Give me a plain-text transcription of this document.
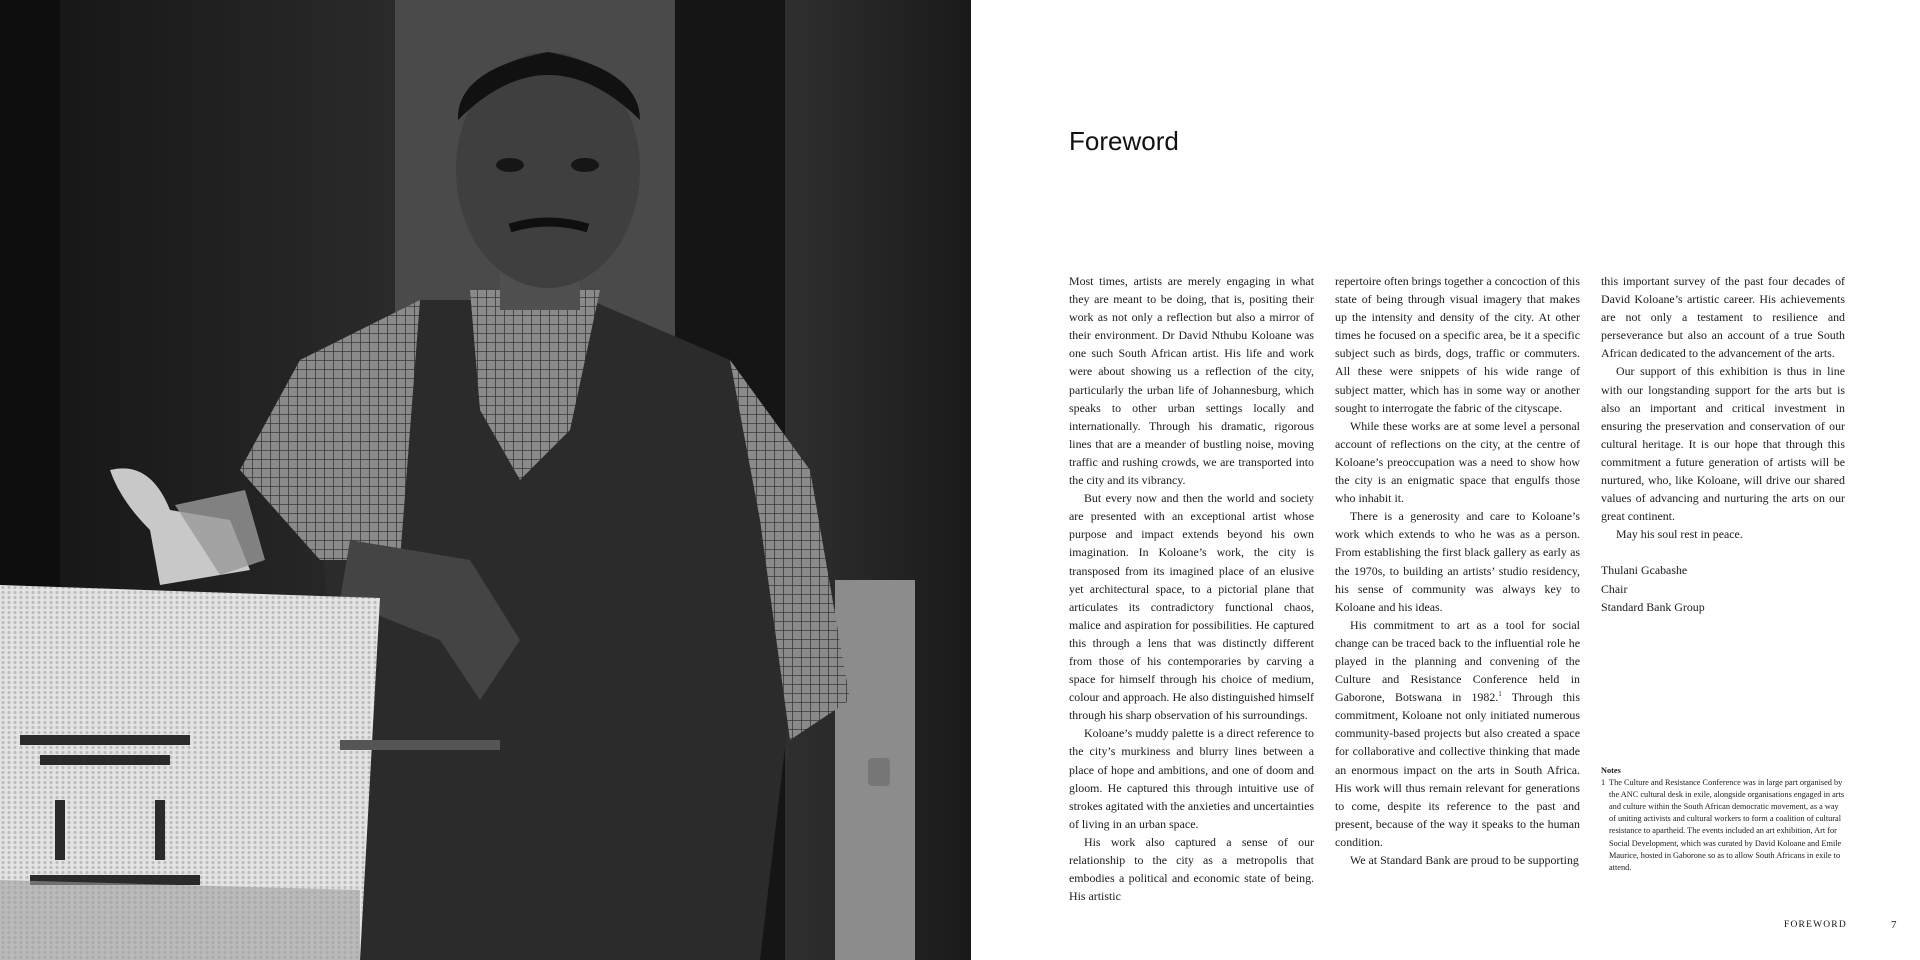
Foreword

Most times, artists are merely engaging in what they are meant to be doing, that is, positing their work as not only a reflection but also a mirror of their environment. Dr David Nthubu Koloane was one such South African artist. His life and work were about showing us a reflection of the city, particularly the urban life of Johannesburg, which speaks to other urban settings locally and internationally. Through his dramatic, rigorous lines that are a meander of bustling noise, moving traffic and rushing crowds, we are transported into the city and its vibrancy.

But every now and then the world and society are presented with an exceptional artist whose purpose and impact extends beyond his own imagination. In Koloane’s work, the city is transposed from its imagined place of an elusive yet architectural space, to a pictorial plane that articulates its contradictory functional chaos, malice and aspiration for possibilities. He captured this through a lens that was distinctly different from those of his contemporaries by carving a space for himself through his choice of medium, colour and approach. He also distinguished himself through his sharp observation of his surroundings.

Koloane’s muddy palette is a direct reference to the city’s murkiness and blurry lines between a place of hope and ambitions, and one of doom and gloom. He captured this through intuitive use of strokes agitated with the anxieties and uncertainties of living in an urban space.

His work also captured a sense of our relationship to the city as a metropolis that embodies a political and economic state of being. His artistic

repertoire often brings together a concoction of this state of being through visual imagery that makes up the intensity and density of the city. At other times he focused on a specific area, be it a specific subject such as birds, dogs, traffic or commuters. All these were snippets of his wide range of subject matter, which has in some way or another sought to interrogate the fabric of the cityscape.

While these works are at some level a personal account of reflections on the city, at the centre of Koloane’s preoccupation was a need to show how the city is an enigmatic space that engulfs those who inhabit it.

There is a generosity and care to Koloane’s work which extends to who he was as a person. From establishing the first black gallery as early as the 1970s, to building an artists’ studio residency, his sense of community was always key to Koloane and his ideas.

His commitment to art as a tool for social change can be traced back to the influential role he played in the planning and convening of the Culture and Resistance Conference held in Gaborone, Botswana in 1982.$^1$ Through this commitment, Koloane not only initiated numerous community-based projects but also created a space for collaborative and collective thinking that made an enormous impact on the arts in South Africa. His work will thus remain relevant for generations to come, despite its reference to the past and present, because of the way it speaks to the human condition.

We at Standard Bank are proud to be supporting

this important survey of the past four decades of David Koloane’s artistic career. His achievements are not only a testament to resilience and perseverance but also an account of a true South African dedicated to the advancement of the arts.

Our support of this exhibition is thus in line with our longstanding support for the arts but is also an important and critical investment in ensuring the preservation and conservation of our cultural heritage. It is our hope that through this commitment a future generation of artists will be nurtured, who, like Koloane, will drive our shared values of advancing and nurturing the arts on our great continent.

May his soul rest in peace.

Thulani Gcabashe
Chair
Standard Bank Group
Notes
1 The Culture and Resistance Conference was in large part organised by the ANC cultural desk in exile, alongside organisations engaged in arts and culture within the South African democratic movement, as a way of uniting activists and cultural workers to form a coalition of cultural resistance to apartheid. The events included an art exhibition, Art for Social Development, which was curated by David Koloane and Emile Maurice, hosted in Gaborone so as to allow South Africans in exile to attend.
FOREWORD	7
